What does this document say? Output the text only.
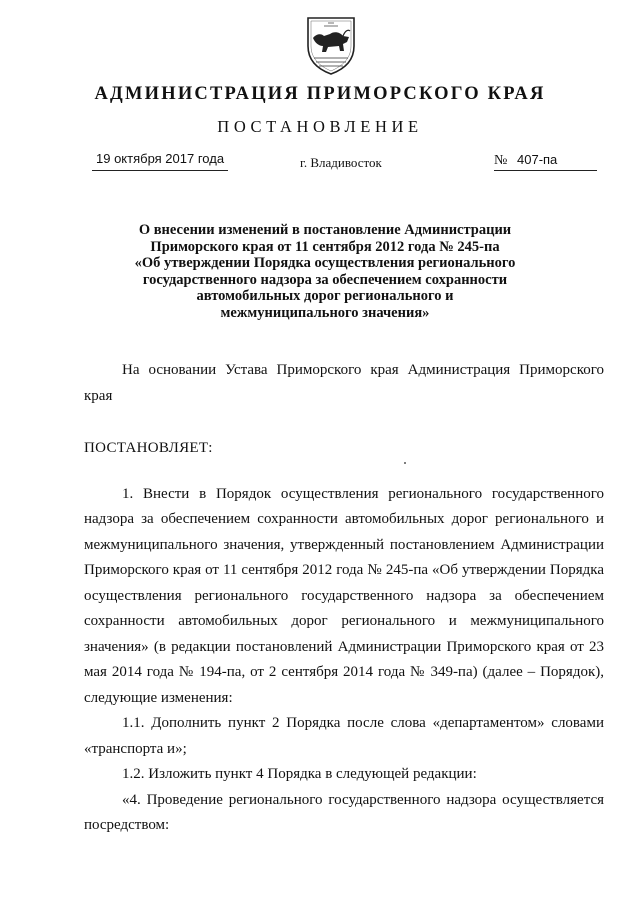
АДМИНИСТРАЦИЯ ПРИМОРСКОГО КРАЯ
ПОСТАНОВЛЕНИЕ
19 октября 2017 года	г. Владивосток	№ 407-па
О внесении изменений в постановление Администрации
Приморского края от 11 сентября 2012 года № 245-па
«Об утверждении Порядка осуществления регионального
государственного надзора за обеспечением сохранности
автомобильных дорог регионального и
межмуниципального значения»

На основании Устава Приморского края Администрация Приморского края

ПОСТАНОВЛЯЕТ:

1. Внести в Порядок осуществления регионального государственного надзора за обеспечением сохранности автомобильных дорог регионального и межмуниципального значения, утвержденный постановлением Администрации Приморского края от 11 сентября 2012 года № 245-па «Об утверждении Порядка осуществления регионального государственного надзора за обеспечением сохранности автомобильных дорог регионального и межмуниципального значения» (в редакции постановлений Администрации Приморского края от 23 мая 2014 года № 194-па, от 2 сентября 2014 года № 349-па) (далее – Порядок), следующие изменения:

1.1. Дополнить пункт 2 Порядка после слова «департаментом» словами «транспорта и»;

1.2. Изложить пункт 4 Порядка в следующей редакции:

«4. Проведение регионального государственного надзора осуществляется посредством:
